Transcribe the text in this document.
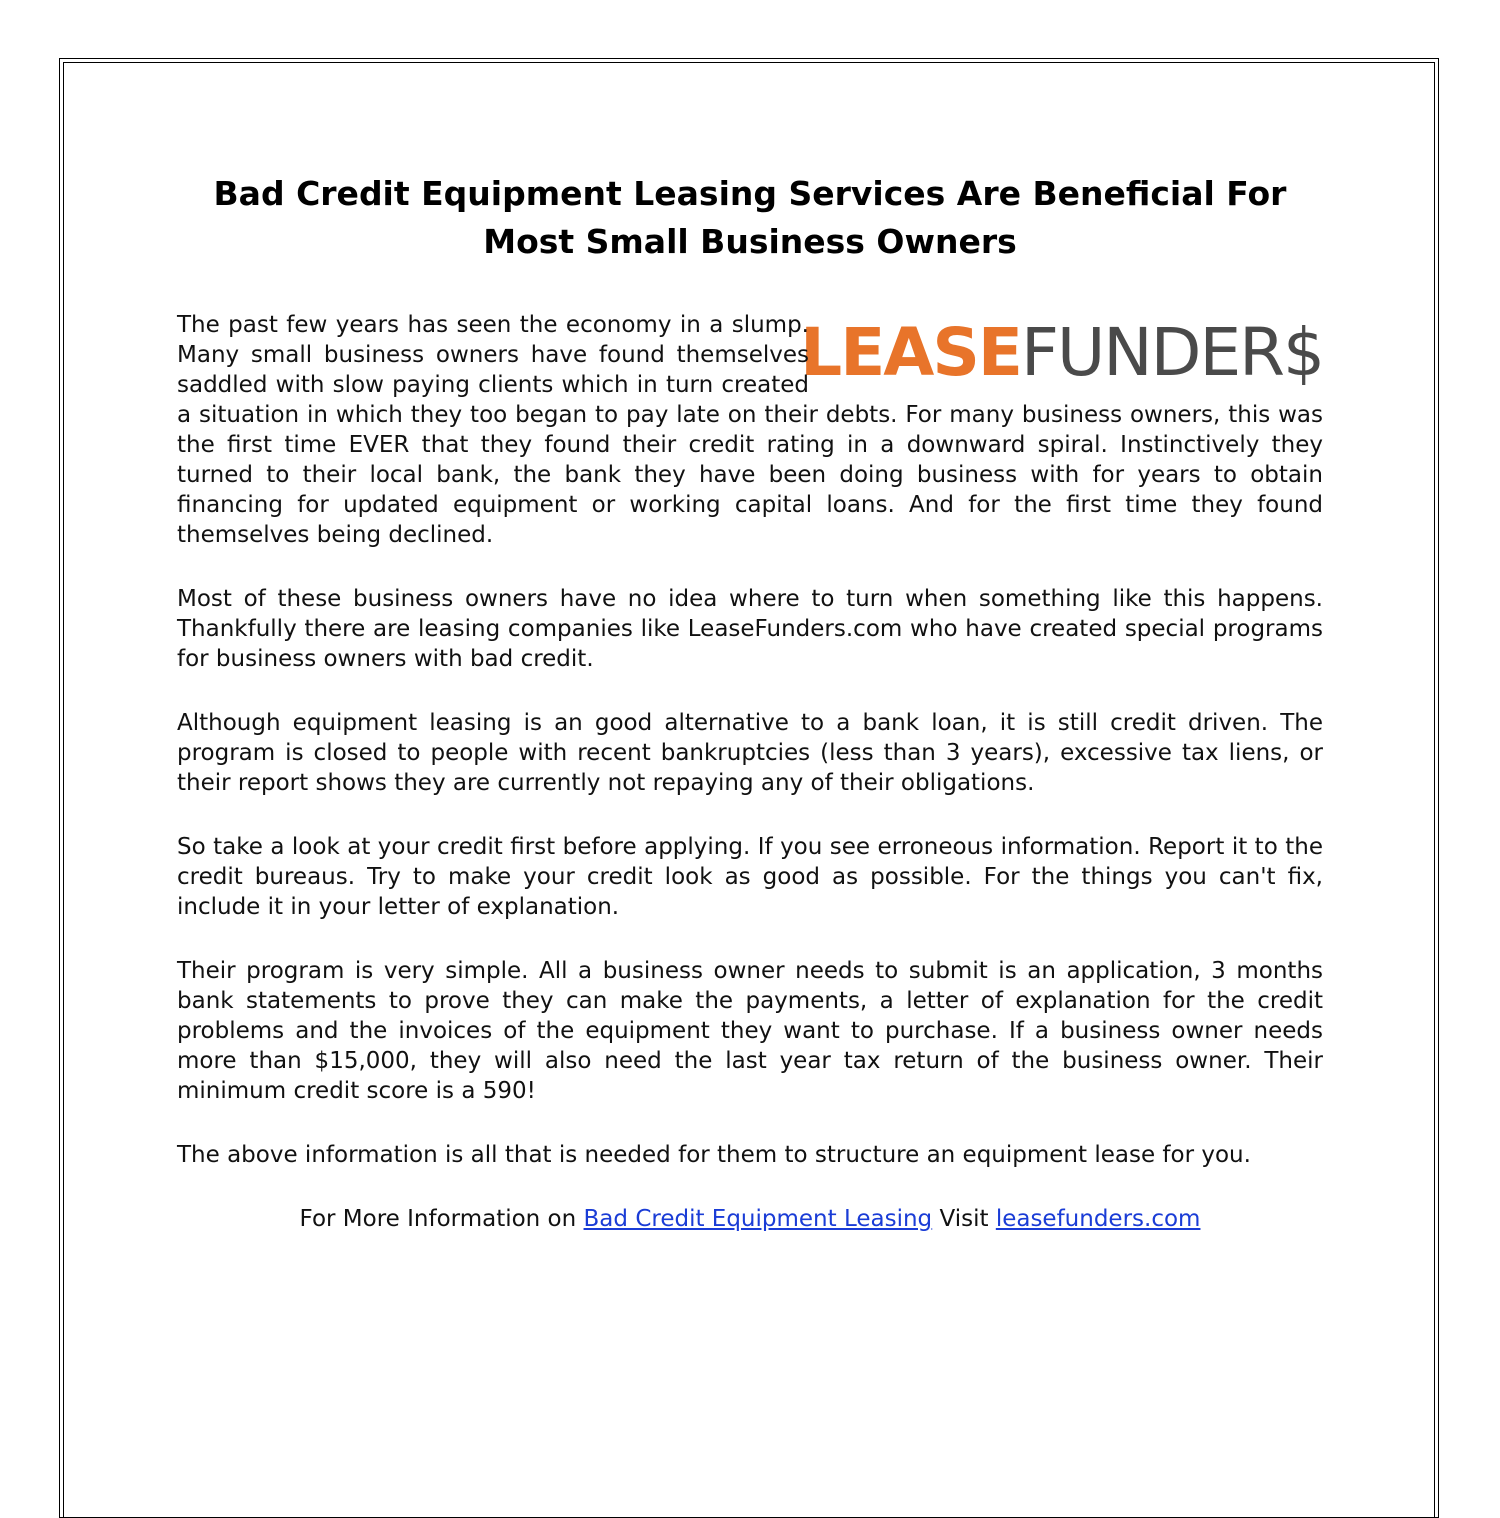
Bad Credit Equipment Leasing Services Are Beneficial For
Most Small Business Owners

LEASEFUNDER$
The past few years has seen the economy in a slump. Many small business owners have found themselves saddled with slow paying clients which in turn created a situation in which they too began to pay late on their debts. For many business owners, this was the first time EVER that they found their credit rating in a downward spiral. Instinctively they turned to their local bank, the bank they have been doing business with for years to obtain financing for updated equipment or working capital loans. And for the first time they found themselves being declined.

Most of these business owners have no idea where to turn when something like this happens. Thankfully there are leasing companies like LeaseFunders.com who have created special programs for business owners with bad credit.

Although equipment leasing is an good alternative to a bank loan, it is still credit driven. The program is closed to people with recent bankruptcies (less than 3 years), excessive tax liens, or their report shows they are currently not repaying any of their obligations.

So take a look at your credit first before applying. If you see erroneous information. Report it to the credit bureaus. Try to make your credit look as good as possible. For the things you can't fix, include it in your letter of explanation.

Their program is very simple. All a business owner needs to submit is an application, 3 months bank statements to prove they can make the payments, a letter of explanation for the credit problems and the invoices of the equipment they want to purchase. If a business owner needs more than $15,000, they will also need the last year tax return of the business owner. Their minimum credit score is a 590!

The above information is all that is needed for them to structure an equipment lease for you.

For More Information on Bad Credit Equipment Leasing Visit leasefunders.com
